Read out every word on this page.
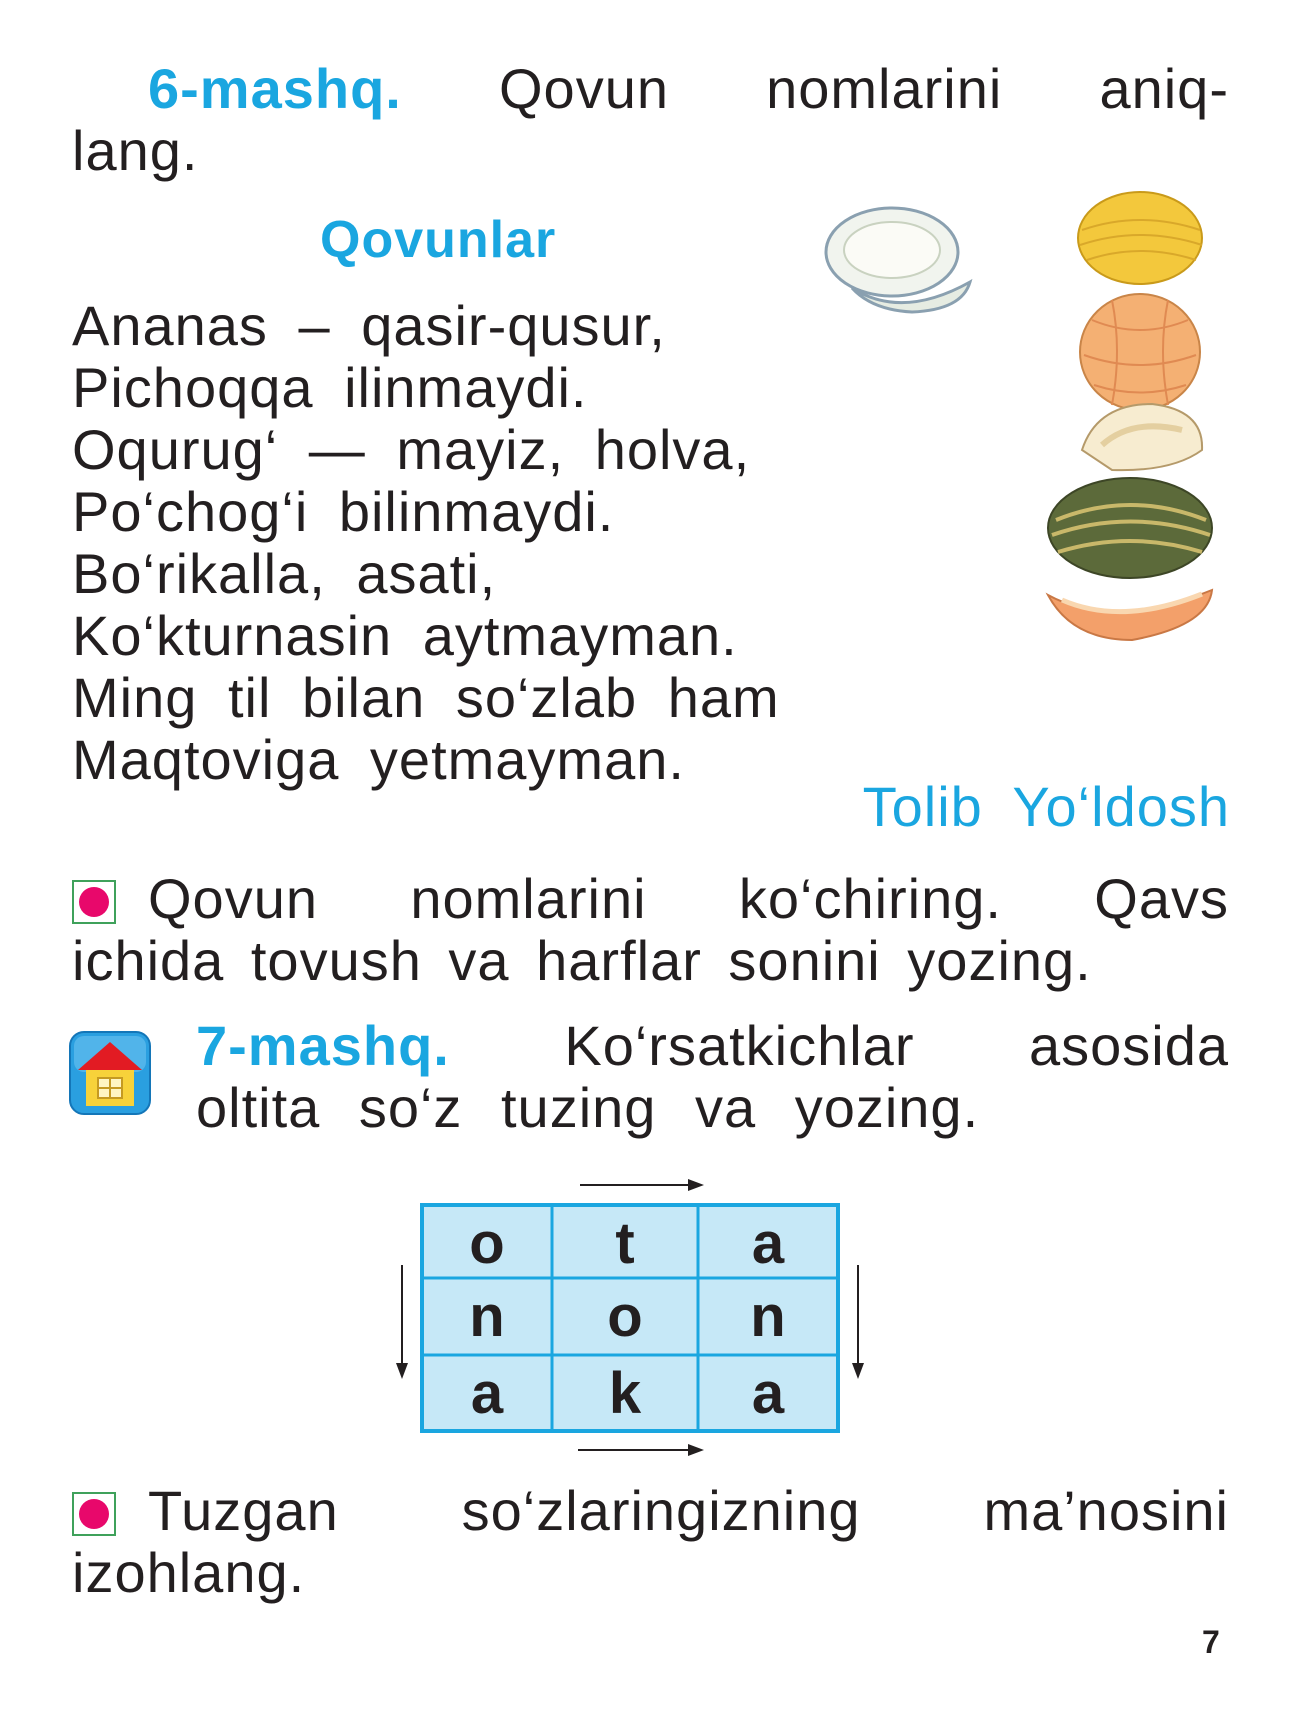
6-mashq. Qovun nomlarini aniq-
lang.
Qovunlar
Ananas – qasir-qusur,
Pichoqqa ilinmaydi.
Oqurug‘ — mayiz, holva,
Po‘chog‘i bilinmaydi.
Bo‘rikalla, asati,
Ko‘kturnasin aytmayman.
Ming til bilan so‘zlab ham
Maqtoviga yetmayman.
Tolib Yo‘ldosh
Qovun nomlarini ko‘chiring. Qavs
ichida tovush va harflar sonini yozing.
7-mashq. Ko‘rsatkichlar asosida
oltita so‘z tuzing va yozing.
o t a
n o n
a k a
Tuzgan so‘zlaringizning ma’nosini
izohlang.
7
